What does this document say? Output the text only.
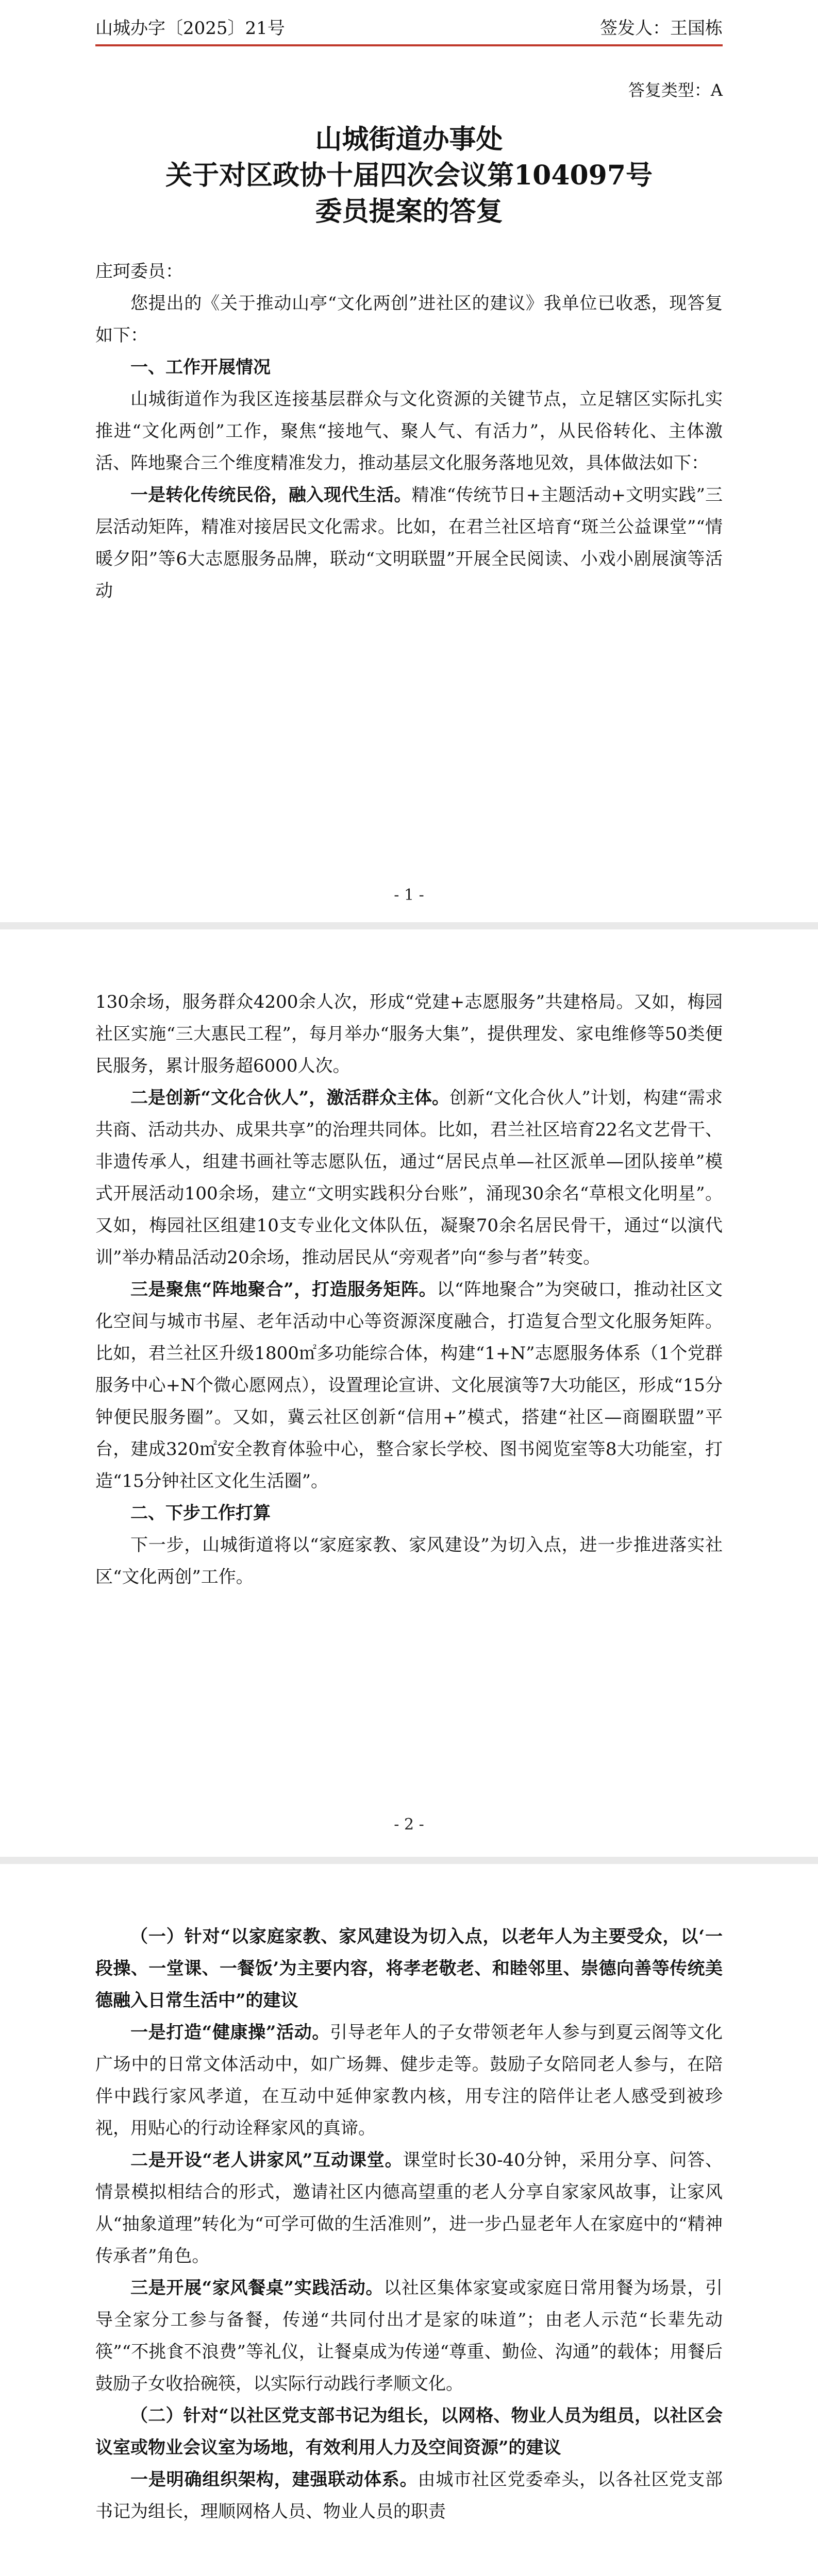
山城办字〔2025〕21号	签发人：王国栋
答复类型：A
山城街道办事处
关于对区政协十届四次会议第104097号
委员提案的答复

庄珂委员：

您提出的《关于推动山亭“文化两创”进社区的建议》我单位已收悉，现答复如下：

一、工作开展情况

山城街道作为我区连接基层群众与文化资源的关键节点，立足辖区实际扎实推进“文化两创”工作，聚焦“接地气、聚人气、有活力”，从民俗转化、主体激活、阵地聚合三个维度精准发力，推动基层文化服务落地见效，具体做法如下：

一是转化传统民俗，融入现代生活。精准“传统节日+主题活动+文明实践”三层活动矩阵，精准对接居民文化需求。比如，在君兰社区培育“斑兰公益课堂”“情暖夕阳”等6大志愿服务品牌，联动“文明联盟”开展全民阅读、小戏小剧展演等活动

- 1 -

130余场，服务群众4200余人次，形成“党建+志愿服务”共建格局。又如，梅园社区实施“三大惠民工程”，每月举办“服务大集”，提供理发、家电维修等50类便民服务，累计服务超6000人次。

二是创新“文化合伙人”，激活群众主体。创新“文化合伙人”计划，构建“需求共商、活动共办、成果共享”的治理共同体。比如，君兰社区培育22名文艺骨干、非遗传承人，组建书画社等志愿队伍，通过“居民点单—社区派单—团队接单”模式开展活动100余场，建立“文明实践积分台账”，涌现30余名“草根文化明星”。又如，梅园社区组建10支专业化文体队伍，凝聚70余名居民骨干，通过“以演代训”举办精品活动20余场，推动居民从“旁观者”向“参与者”转变。

三是聚焦“阵地聚合”，打造服务矩阵。以“阵地聚合”为突破口，推动社区文化空间与城市书屋、老年活动中心等资源深度融合，打造复合型文化服务矩阵。比如，君兰社区升级1800㎡多功能综合体，构建“1+N”志愿服务体系（1个党群服务中心+N个微心愿网点），设置理论宣讲、文化展演等7大功能区，形成“15分钟便民服务圈”。又如，冀云社区创新“信用+”模式，搭建“社区—商圈联盟”平台，建成320㎡安全教育体验中心，整合家长学校、图书阅览室等8大功能室，打造“15分钟社区文化生活圈”。

二、下步工作打算

下一步，山城街道将以“家庭家教、家风建设”为切入点，进一步推进落实社区“文化两创”工作。

- 2 -

（一）针对“以家庭家教、家风建设为切入点，以老年人为主要受众，以‘一段操、一堂课、一餐饭’为主要内容，将孝老敬老、和睦邻里、崇德向善等传统美德融入日常生活中”的建议

一是打造“健康操”活动。引导老年人的子女带领老年人参与到夏云阁等文化广场中的日常文体活动中，如广场舞、健步走等。鼓励子女陪同老人参与，在陪伴中践行家风孝道，在互动中延伸家教内核，用专注的陪伴让老人感受到被珍视，用贴心的行动诠释家风的真谛。

二是开设“老人讲家风”互动课堂。课堂时长30-40分钟，采用分享、问答、情景模拟相结合的形式，邀请社区内德高望重的老人分享自家家风故事，让家风从“抽象道理”转化为“可学可做的生活准则”，进一步凸显老年人在家庭中的“精神传承者”角色。

三是开展“家风餐桌”实践活动。以社区集体家宴或家庭日常用餐为场景，引导全家分工参与备餐，传递“共同付出才是家的味道”；由老人示范“长辈先动筷”“不挑食不浪费”等礼仪，让餐桌成为传递“尊重、勤俭、沟通”的载体；用餐后鼓励子女收拾碗筷，以实际行动践行孝顺文化。

（二）针对“以社区党支部书记为组长，以网格、物业人员为组员，以社区会议室或物业会议室为场地，有效利用人力及空间资源”的建议

一是明确组织架构，建强联动体系。由城市社区党委牵头，以各社区党支部书记为组长，理顺网格人员、物业人员的职责
